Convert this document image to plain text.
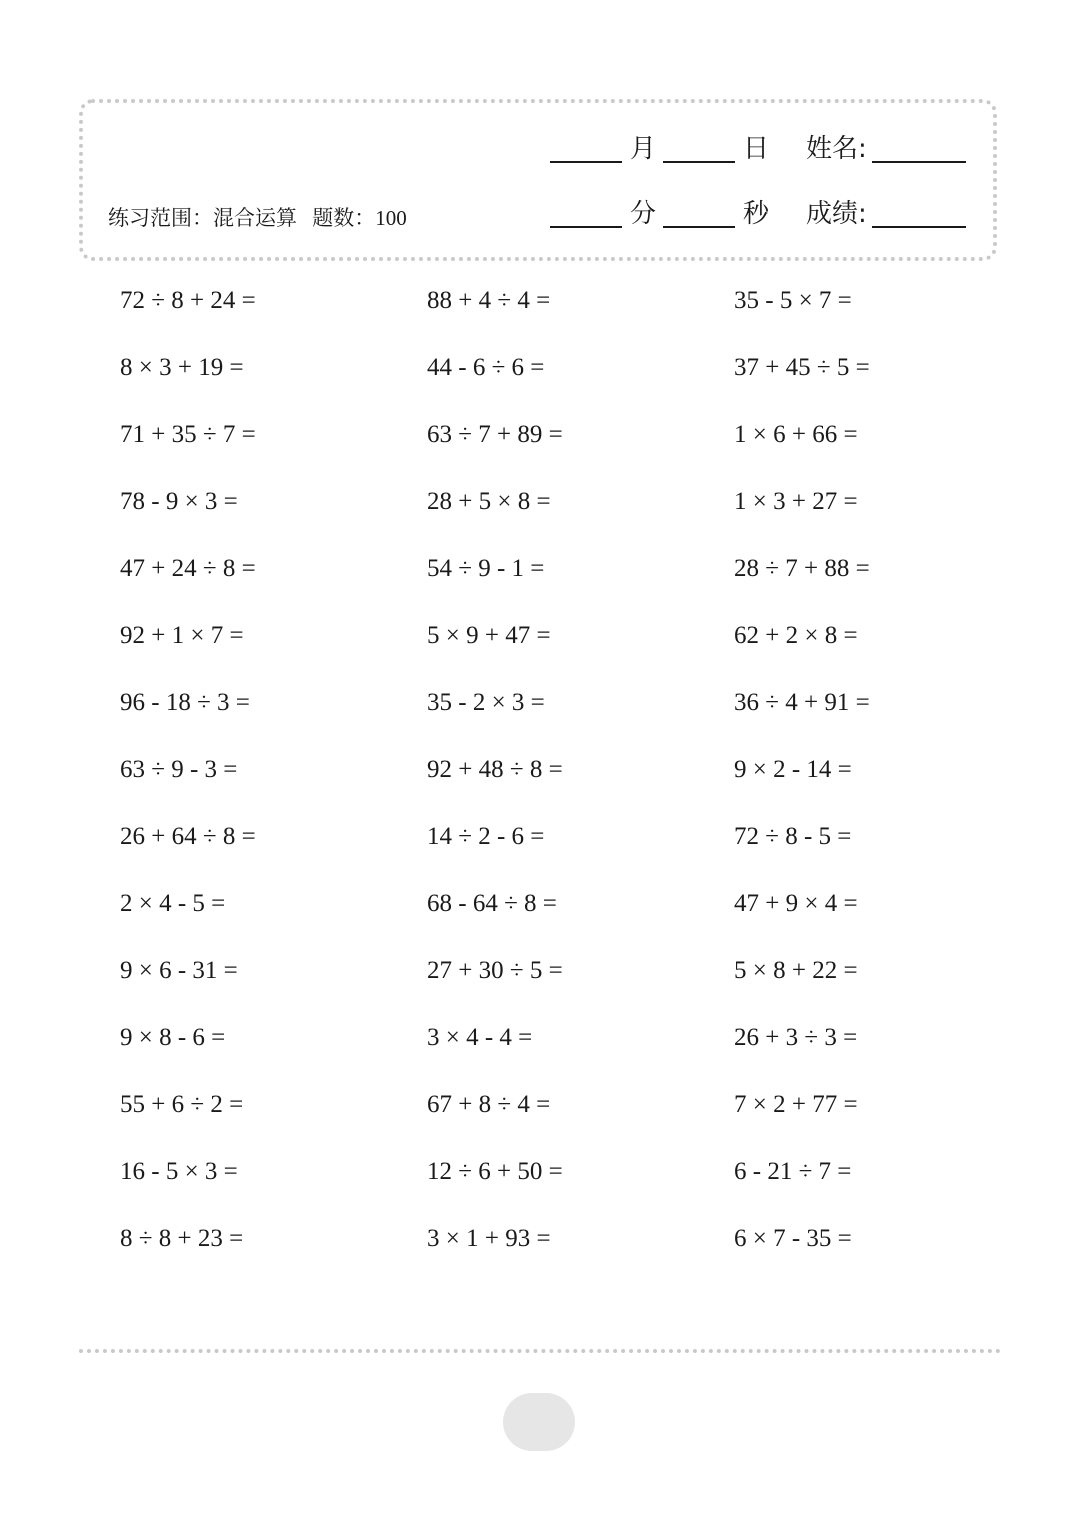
练习范围：混合运算 题数：100
月	日 姓名:
分	秒 成绩:
72 ÷ 8 + 24 =
8 × 3 + 19 =
71 + 35 ÷ 7 =
78 - 9 × 3 =
47 + 24 ÷ 8 =
92 + 1 × 7 =
96 - 18 ÷ 3 =
63 ÷ 9 - 3 =
26 + 64 ÷ 8 =
2 × 4 - 5 =
9 × 6 - 31 =
9 × 8 - 6 =
55 + 6 ÷ 2 =
16 - 5 × 3 =
8 ÷ 8 + 23 =
88 + 4 ÷ 4 =
44 - 6 ÷ 6 =
63 ÷ 7 + 89 =
28 + 5 × 8 =
54 ÷ 9 - 1 =
5 × 9 + 47 =
35 - 2 × 3 =
92 + 48 ÷ 8 =
14 ÷ 2 - 6 =
68 - 64 ÷ 8 =
27 + 30 ÷ 5 =
3 × 4 - 4 =
67 + 8 ÷ 4 =
12 ÷ 6 + 50 =
3 × 1 + 93 =
35 - 5 × 7 =
37 + 45 ÷ 5 =
1 × 6 + 66 =
1 × 3 + 27 =
28 ÷ 7 + 88 =
62 + 2 × 8 =
36 ÷ 4 + 91 =
9 × 2 - 14 =
72 ÷ 8 - 5 =
47 + 9 × 4 =
5 × 8 + 22 =
26 + 3 ÷ 3 =
7 × 2 + 77 =
6 - 21 ÷ 7 =
6 × 7 - 35 =
